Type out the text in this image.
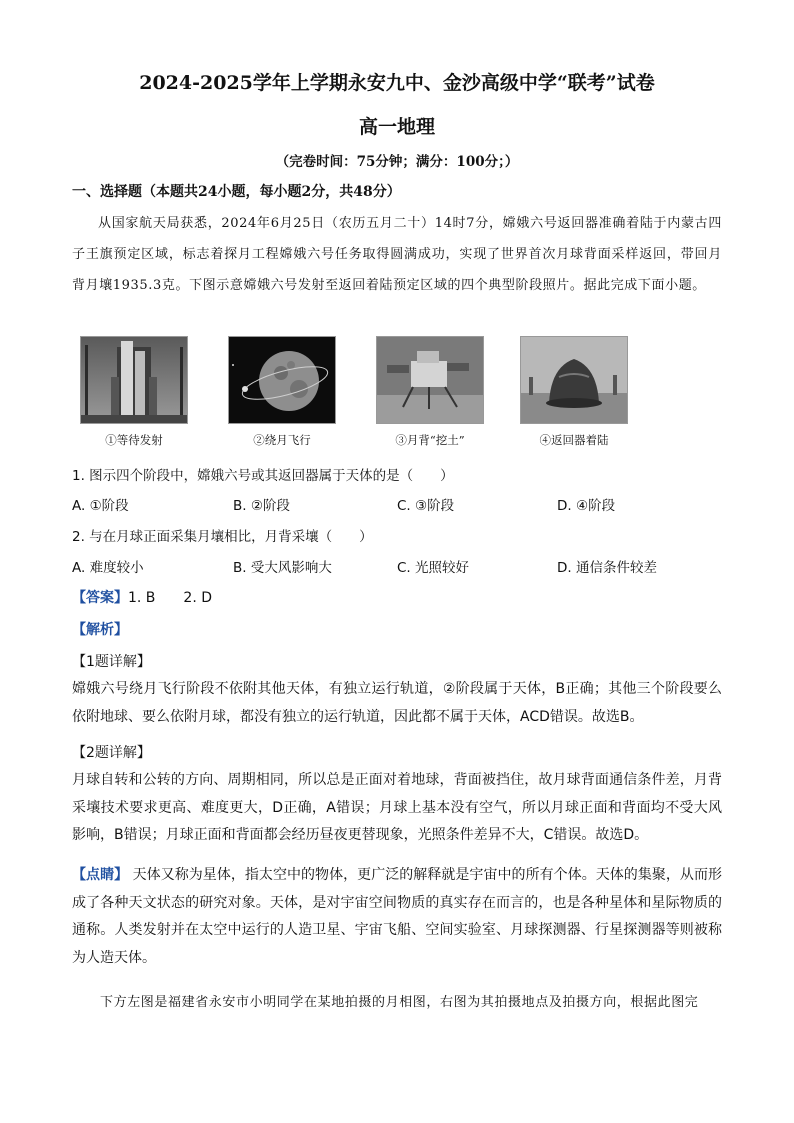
2024-2025学年上学期永安九中、金沙高级中学“联考”试卷
高一地理
（完卷时间：75分钟；满分：100分；）
一、选择题（本题共24小题，每小题2分，共48分）
从国家航天局获悉，2024年6月25日（农历五月二十）14时7分，嫦娥六号返回器准确着陆于内蒙古四子王旗预定区域，标志着探月工程嫦娥六号任务取得圆满成功，实现了世界首次月球背面采样返回，带回月背月壤1935.3克。下图示意嫦娥六号发射至返回着陆预定区域的四个典型阶段照片。据此完成下面小题。
①等待发射	②绕月飞行	③月背“挖土”	④返回器着陆
1. 图示四个阶段中，嫦娥六号或其返回器属于天体的是（　　）
A. ①阶段	B. ②阶段	C. ③阶段	D. ④阶段
2. 与在月球正面采集月壤相比，月背采壤（　　）
A. 难度较小	B. 受大风影响大	C. 光照较好	D. 通信条件较差
【答案】1. B　　2. D
【解析】
【1题详解】
嫦娥六号绕月飞行阶段不依附其他天体，有独立运行轨道，②阶段属于天体，B正确；其他三个阶段要么依附地球、要么依附月球，都没有独立的运行轨道，因此都不属于天体，ACD错误。故选B。
【2题详解】
月球自转和公转的方向、周期相同，所以总是正面对着地球，背面被挡住，故月球背面通信条件差，月背采壤技术要求更高、难度更大，D正确，A错误；月球上基本没有空气，所以月球正面和背面均不受大风影响，B错误；月球正面和背面都会经历昼夜更替现象，光照条件差异不大，C错误。故选D。
【点睛】 天体又称为星体，指太空中的物体，更广泛的解释就是宇宙中的所有个体。天体的集聚，从而形成了各种天文状态的研究对象。天体，是对宇宙空间物质的真实存在而言的，也是各种星体和星际物质的通称。人类发射并在太空中运行的人造卫星、宇宙飞船、空间实验室、月球探测器、行星探测器等则被称为人造天体。
下方左图是福建省永安市小明同学在某地拍摄的月相图，右图为其拍摄地点及拍摄方向，根据此图完
